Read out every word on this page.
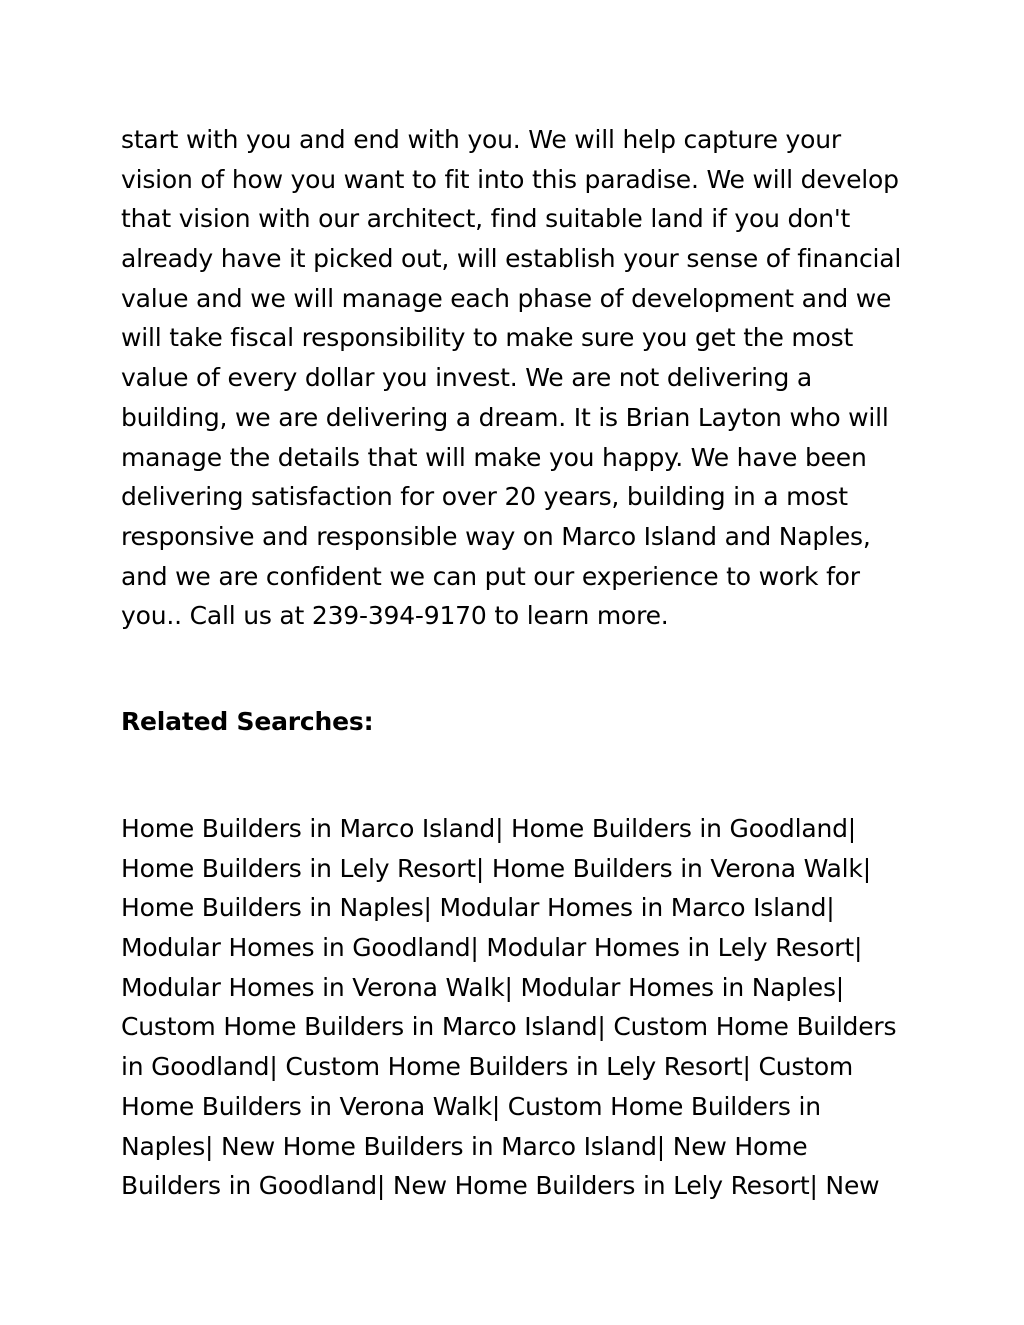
start with you and end with you. We will help capture your
vision of how you want to fit into this paradise. We will develop
that vision with our architect, find suitable land if you don't
already have it picked out, will establish your sense of financial
value and we will manage each phase of development and we
will take fiscal responsibility to make sure you get the most
value of every dollar you invest. We are not delivering a
building, we are delivering a dream. It is Brian Layton who will
manage the details that will make you happy. We have been
delivering satisfaction for over 20 years, building in a most
responsive and responsible way on Marco Island and Naples,
and we are confident we can put our experience to work for
you.. Call us at 239-394-9170 to learn more.
Related Searches:
Home Builders in Marco Island| Home Builders in Goodland|
Home Builders in Lely Resort| Home Builders in Verona Walk|
Home Builders in Naples| Modular Homes in Marco Island|
Modular Homes in Goodland| Modular Homes in Lely Resort|
Modular Homes in Verona Walk| Modular Homes in Naples|
Custom Home Builders in Marco Island| Custom Home Builders
in Goodland| Custom Home Builders in Lely Resort| Custom
Home Builders in Verona Walk| Custom Home Builders in
Naples| New Home Builders in Marco Island| New Home
Builders in Goodland| New Home Builders in Lely Resort| New
